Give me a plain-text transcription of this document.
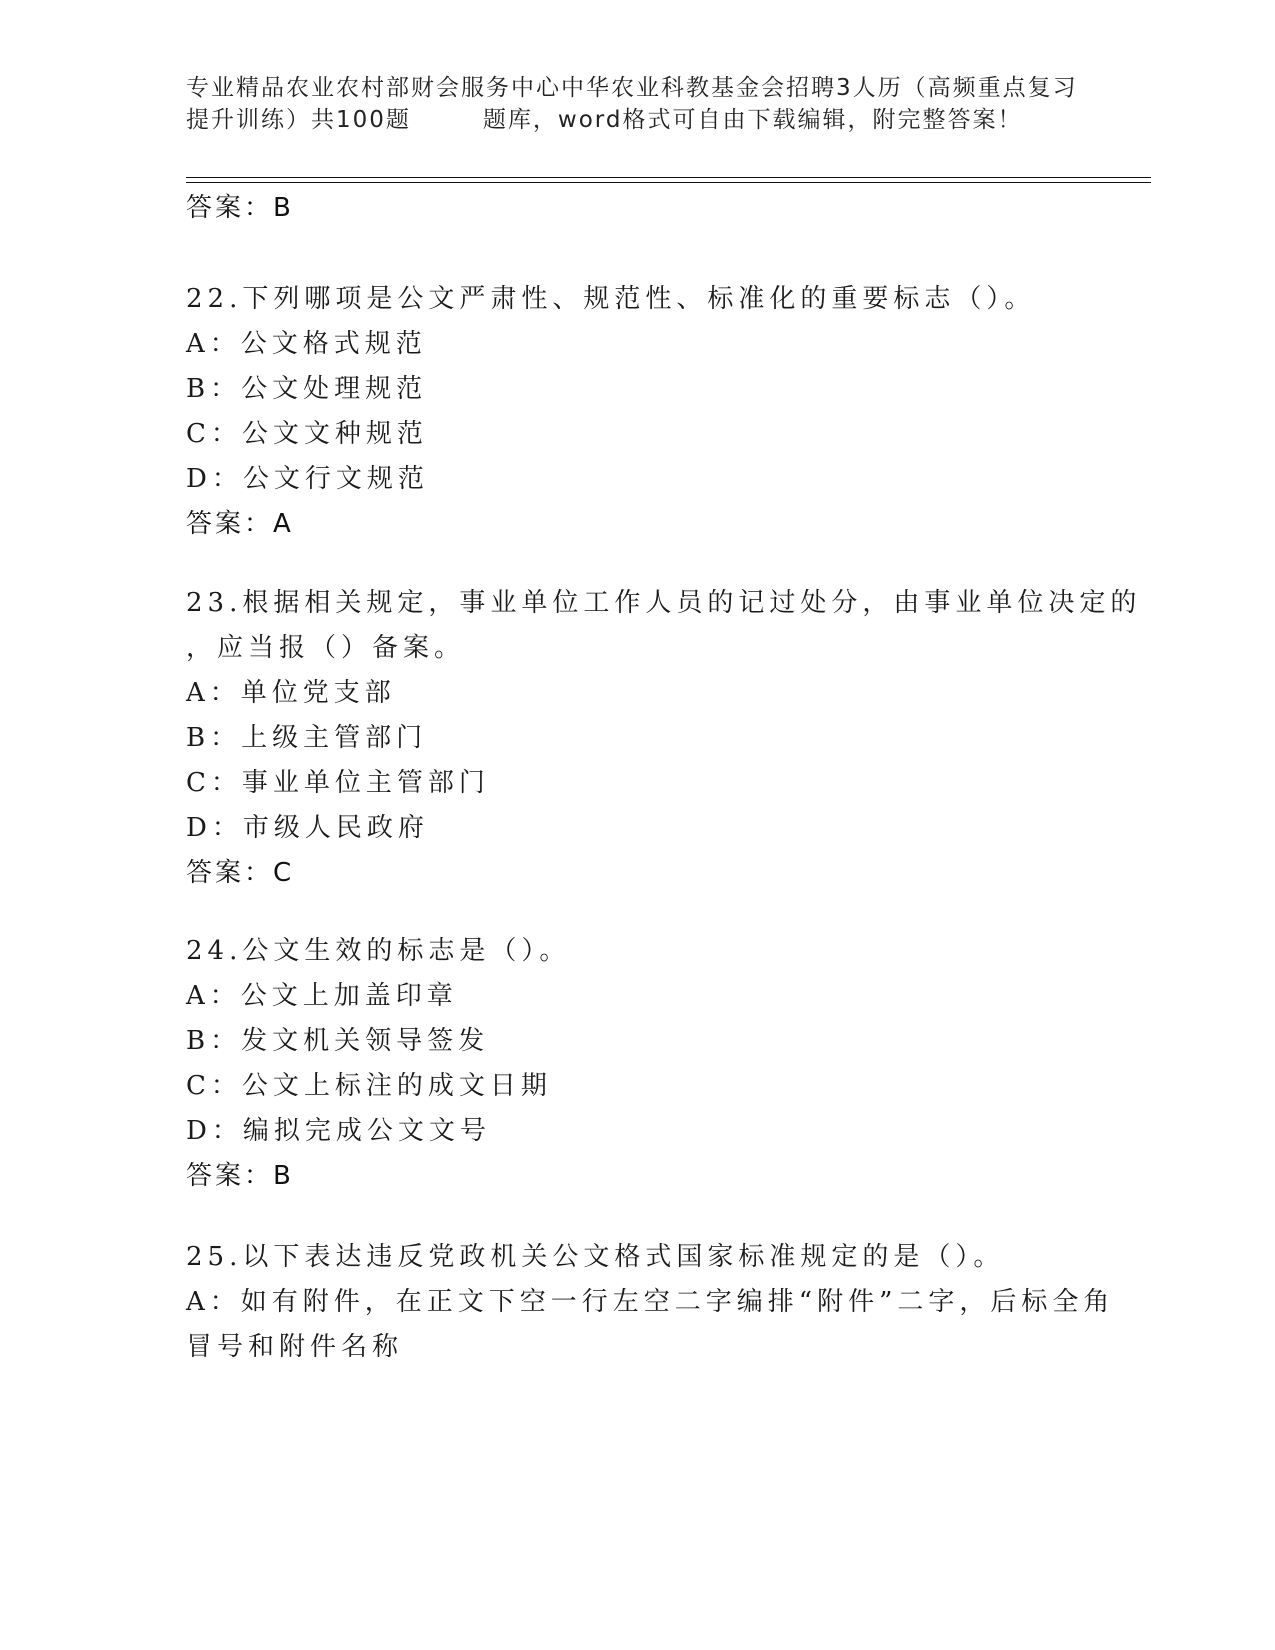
专业精品农业农村部财会服务中心中华农业科教基金会招聘3人历（高频重点复习
提升训练）共100题	题库，word格式可自由下载编辑，附完整答案！
答案：B
22.下列哪项是公文严肃性、规范性、标准化的重要标志（）。
A：公文格式规范
B：公文处理规范
C：公文文种规范
D：公文行文规范
答案：A
23.根据相关规定，事业单位工作人员的记过处分，由事业单位决定的
，应当报（）备案。
A：单位党支部
B：上级主管部门
C：事业单位主管部门
D：市级人民政府
答案：C
24.公文生效的标志是（）。
A：公文上加盖印章
B：发文机关领导签发
C：公文上标注的成文日期
D：编拟完成公文文号
答案：B
25.以下表达违反党政机关公文格式国家标准规定的是（）。
A：如有附件，在正文下空一行左空二字编排“附件”二字，后标全角
冒号和附件名称
